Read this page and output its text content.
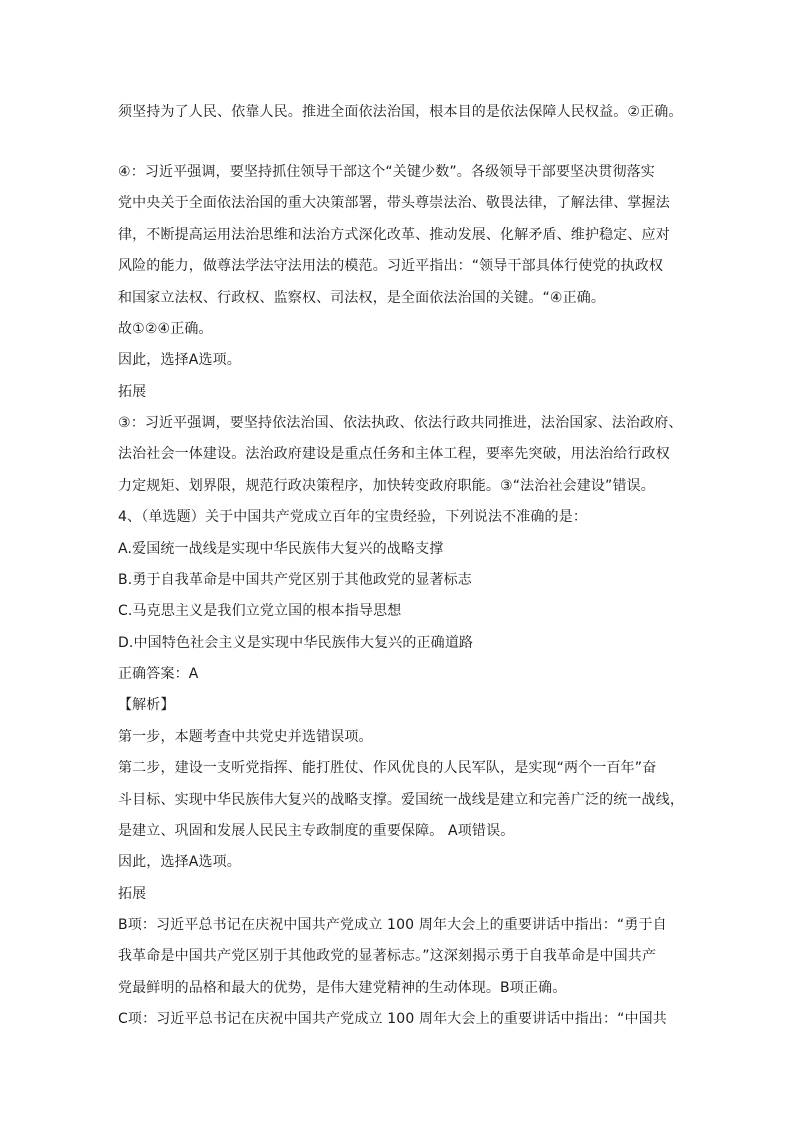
须坚持为了人民、依靠人民。推进全面依法治国，根本目的是依法保障人民权益。②正确。
④：习近平强调，要坚持抓住领导干部这个“关键少数”。各级领导干部要坚决贯彻落实
党中央关于全面依法治国的重大决策部署，带头尊崇法治、敬畏法律，了解法律、掌握法
律，不断提高运用法治思维和法治方式深化改革、推动发展、化解矛盾、维护稳定、应对
风险的能力，做尊法学法守法用法的模范。习近平指出：“领导干部具体行使党的执政权
和国家立法权、行政权、监察权、司法权，是全面依法治国的关键。“④正确。
故①②④正确。
因此，选择A选项。
拓展
③：习近平强调，要坚持依法治国、依法执政、依法行政共同推进，法治国家、法治政府、
法治社会一体建设。法治政府建设是重点任务和主体工程，要率先突破，用法治给行政权
力定规矩、划界限，规范行政决策程序，加快转变政府职能。③“法治社会建设”错误。
4、（单选题）关于中国共产党成立百年的宝贵经验，下列说法不准确的是：
A.爱国统一战线是实现中华民族伟大复兴的战略支撑
B.勇于自我革命是中国共产党区别于其他政党的显著标志
C.马克思主义是我们立党立国的根本指导思想
D.中国特色社会主义是实现中华民族伟大复兴的正确道路
正确答案：A
【解析】
第一步，本题考查中共党史并选错误项。
第二步，建设一支听党指挥、能打胜仗、作风优良的人民军队，是实现“两个一百年”奋
斗目标、实现中华民族伟大复兴的战略支撑。爱国统一战线是建立和完善广泛的统一战线，
是建立、巩固和发展人民民主专政制度的重要保障。 A项错误。
因此，选择A选项。
拓展
B项：习近平总书记在庆祝中国共产党成立 100 周年大会上的重要讲话中指出：“勇于自
我革命是中国共产党区别于其他政党的显著标志。”这深刻揭示勇于自我革命是中国共产
党最鲜明的品格和最大的优势，是伟大建党精神的生动体现。B项正确。
C项：习近平总书记在庆祝中国共产党成立 100 周年大会上的重要讲话中指出：“中国共
